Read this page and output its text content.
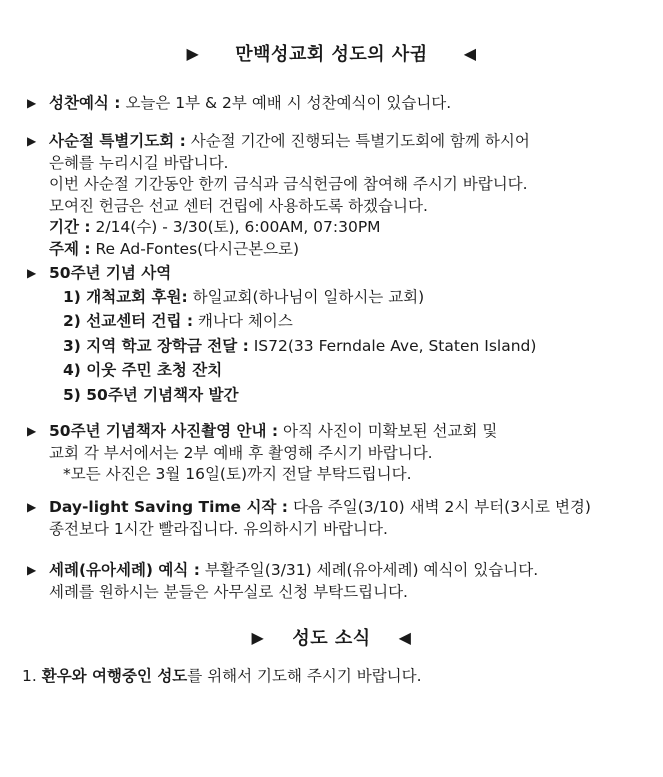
▶ 만백성교회 성도의 사귐 ◀
▶ 성찬예식 : 오늘은 1부 & 2부 예배 시 성찬예식이 있습니다.
▶ 사순절 특별기도회 : 사순절 기간에 진행되는 특별기도회에 함께 하시어
은혜를 누리시길 바랍니다.
이번 사순절 기간동안 한끼 금식과 금식헌금에 참여해 주시기 바랍니다.
모여진 헌금은 선교 센터 건립에 사용하도록 하겠습니다.
기간 : 2/14(수) - 3/30(토), 6:00AM, 07:30PM
주제 : Re Ad-Fontes(다시근본으로)
▶ 50주년 기념 사역
1) 개척교회 후원: 하일교회(하나님이 일하시는 교회)
2) 선교센터 건립 : 캐나다 체이스
3) 지역 학교 장학금 전달 : IS72(33 Ferndale Ave, Staten Island)
4) 이웃 주민 초청 잔치
5) 50주년 기념책자 발간
▶ 50주년 기념책자 사진촬영 안내 : 아직 사진이 미확보된 선교회 및
교회 각 부서에서는 2부 예배 후 촬영해 주시기 바랍니다.
*모든 사진은 3월 16일(토)까지 전달 부탁드립니다.
▶ Day-light Saving Time 시작 : 다음 주일(3/10) 새벽 2시 부터(3시로 변경)
종전보다 1시간 빨라집니다. 유의하시기 바랍니다.
▶ 세례(유아세례) 예식 : 부활주일(3/31) 세례(유아세례) 예식이 있습니다.
세례를 원하시는 분들은 사무실로 신청 부탁드립니다.
▶ 성도 소식 ◀
1. 환우와 여행중인 성도를 위해서 기도해 주시기 바랍니다.
